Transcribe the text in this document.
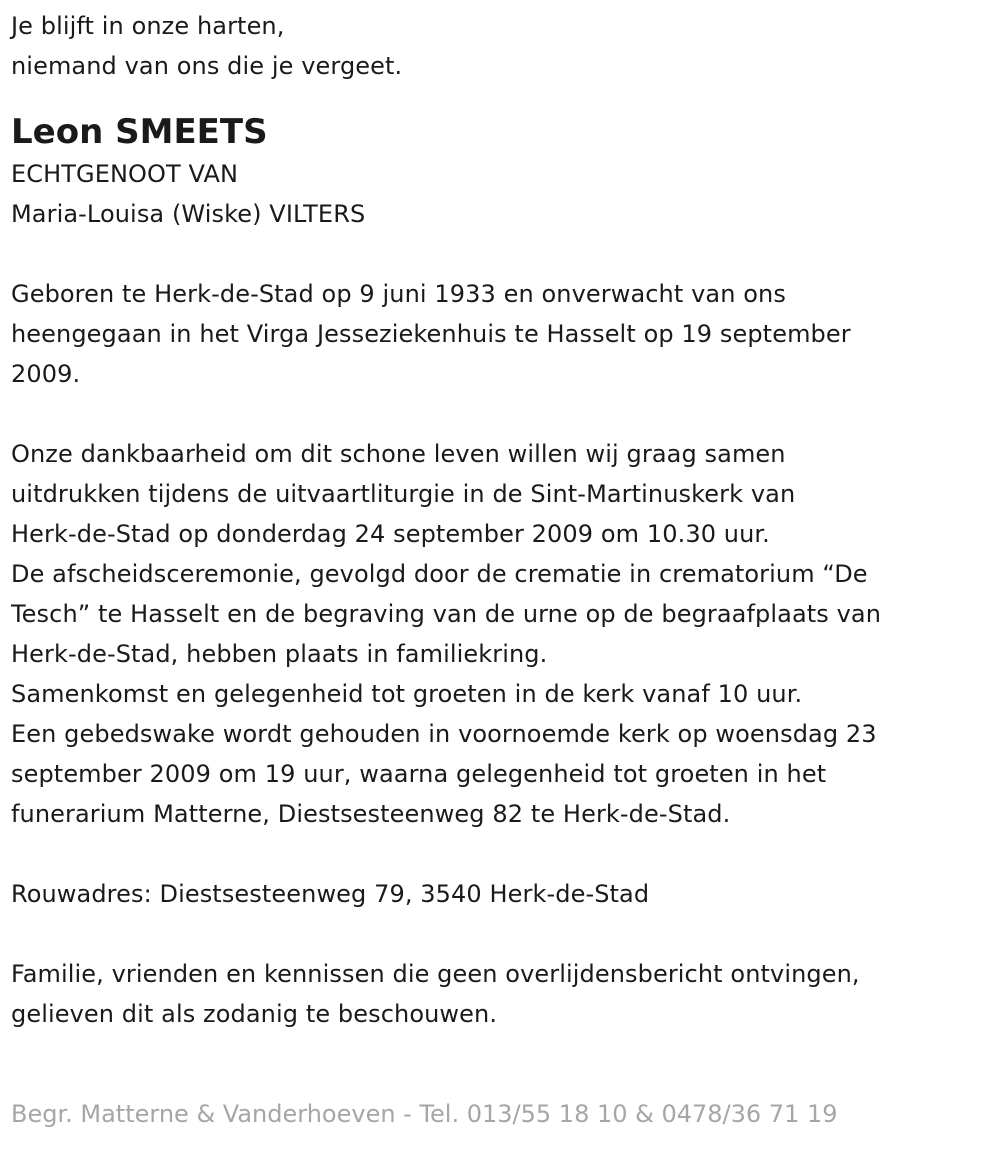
Je blijft in onze harten,
niemand van ons die je vergeet.
Leon SMEETS
ECHTGENOOT VAN
Maria-Louisa (Wiske) VILTERS
Geboren te Herk-de-Stad op 9 juni 1933 en onverwacht van ons
heengegaan in het Virga Jesseziekenhuis te Hasselt op 19 september
2009.
Onze dankbaarheid om dit schone leven willen wij graag samen
uitdrukken tijdens de uitvaartliturgie in de Sint-Martinuskerk van
Herk-de-Stad op donderdag 24 september 2009 om 10.30 uur.
De afscheidsceremonie, gevolgd door de crematie in crematorium “De
Tesch” te Hasselt en de begraving van de urne op de begraafplaats van
Herk-de-Stad, hebben plaats in familiekring.
Samenkomst en gelegenheid tot groeten in de kerk vanaf 10 uur.
Een gebedswake wordt gehouden in voornoemde kerk op woensdag 23
september 2009 om 19 uur, waarna gelegenheid tot groeten in het
funerarium Matterne, Diestsesteenweg 82 te Herk-de-Stad.
Rouwadres: Diestsesteenweg 79, 3540 Herk-de-Stad
Familie, vrienden en kennissen die geen overlijdensbericht ontvingen,
gelieven dit als zodanig te beschouwen.
Begr. Matterne & Vanderhoeven - Tel. 013/55 18 10 & 0478/36 71 19
